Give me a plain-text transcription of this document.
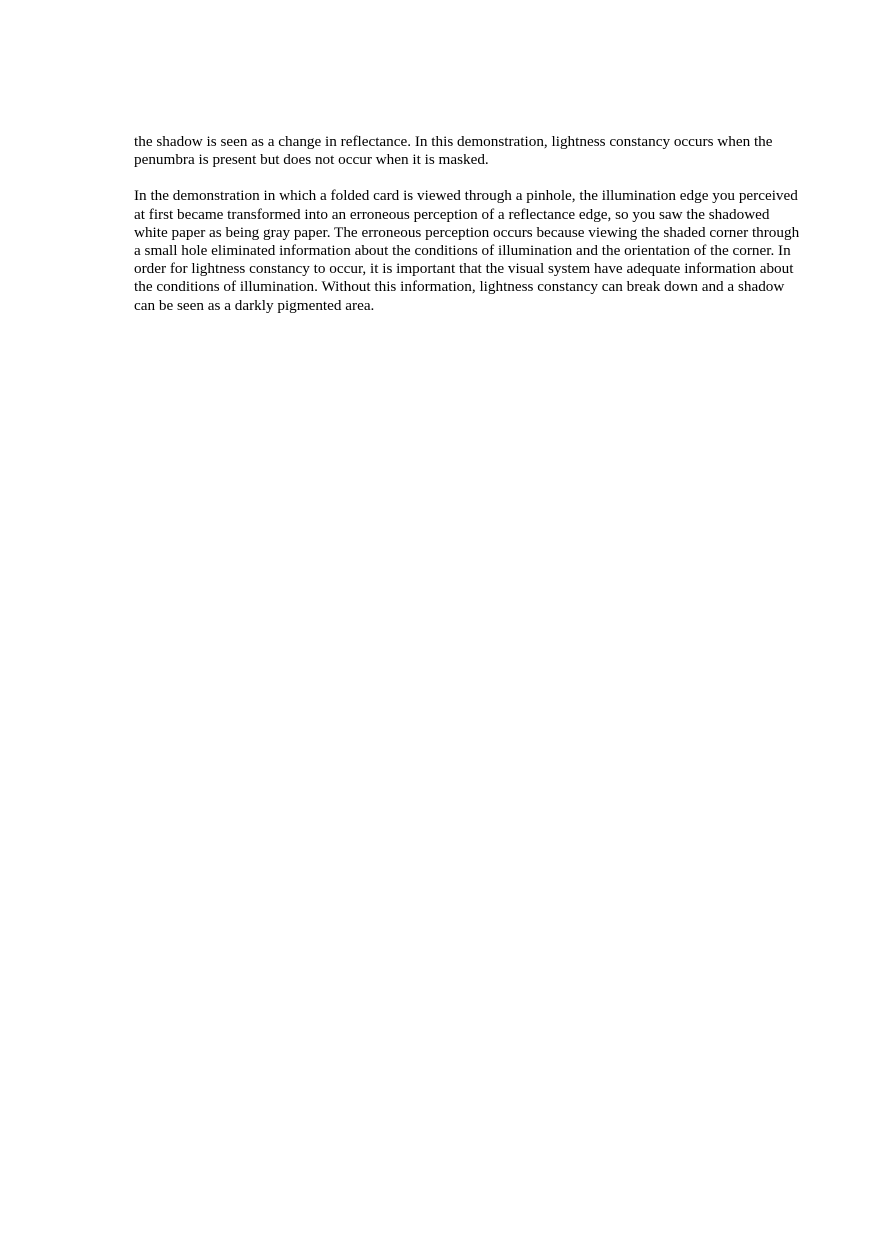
the shadow is seen as a change in reflectance. In this demonstration, lightness constancy occurs when the
penumbra is present but does not occur when it is masked.

In the demonstration in which a folded card is viewed through a pinhole, the illumination edge you perceived
at first became transformed into an erroneous perception of a reflectance edge, so you saw the shadowed
white paper as being gray paper. The erroneous perception occurs because viewing the shaded corner through
a small hole eliminated information about the conditions of illumination and the orientation of the corner. In
order for lightness constancy to occur, it is important that the visual system have adequate information about
the conditions of illumination. Without this information, lightness constancy can break down and a shadow
can be seen as a darkly pigmented area.
